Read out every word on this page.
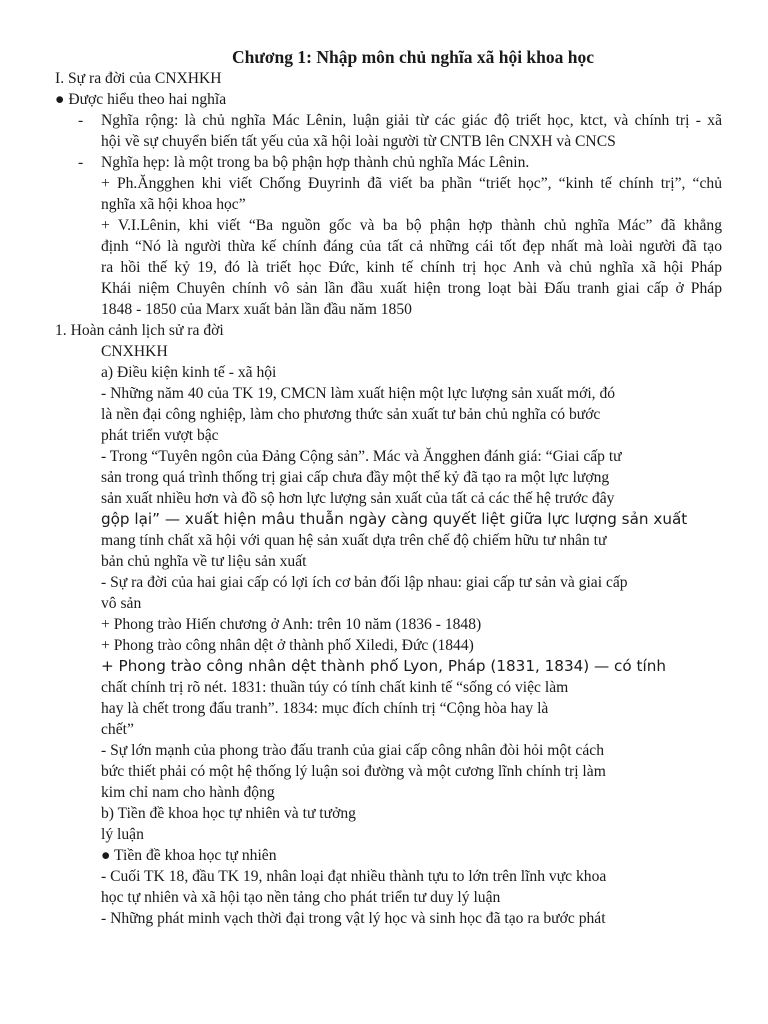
Chương 1: Nhập môn chủ nghĩa xã hội khoa học
I. Sự ra đời của CNXHKH
● Được hiểu theo hai nghĩa
- Nghĩa rộng: là chủ nghĩa Mác Lênin, luận giải từ các giác độ triết học, ktct, và chính trị - xã
hội về sự chuyển biến tất yếu của xã hội loài người từ CNTB lên CNXH và CNCS
- Nghĩa hẹp: là một trong ba bộ phận hợp thành chủ nghĩa Mác Lênin.
+ Ph.Ăngghen khi viết Chống Đuyrinh đã viết ba phần “triết học”, “kinh tế chính trị”, “chủ
nghĩa xã hội khoa học”
+ V.I.Lênin, khi viết “Ba nguồn gốc và ba bộ phận hợp thành chủ nghĩa Mác” đã khẳng
định “Nó là người thừa kế chính đáng của tất cả những cái tốt đẹp nhất mà loài người đã tạo
ra hồi thế kỷ 19, đó là triết học Đức, kinh tế chính trị học Anh và chủ nghĩa xã hội Pháp
Khái niệm Chuyên chính vô sản lần đầu xuất hiện trong loạt bài Đấu tranh giai cấp ở Pháp
1848 - 1850 của Marx xuất bản lần đầu năm 1850
1. Hoàn cảnh lịch sử ra đời
CNXHKH
a) Điều kiện kinh tế - xã hội
- Những năm 40 của TK 19, CMCN làm xuất hiện một lực lượng sản xuất mới, đó
là nền đại công nghiệp, làm cho phương thức sản xuất tư bản chủ nghĩa có bước
phát triển vượt bậc
- Trong “Tuyên ngôn của Đảng Cộng sản”. Mác và Ăngghen đánh giá: “Giai cấp tư
sản trong quá trình thống trị giai cấp chưa đầy một thế kỷ đã tạo ra một lực lượng
sản xuất nhiều hơn và đồ sộ hơn lực lượng sản xuất của tất cả các thế hệ trước đây
gộp lại” — xuất hiện mâu thuẫn ngày càng quyết liệt giữa lực lượng sản xuất
mang tính chất xã hội với quan hệ sản xuất dựa trên chế độ chiếm hữu tư nhân tư
bản chủ nghĩa về tư liệu sản xuất
- Sự ra đời của hai giai cấp có lợi ích cơ bản đối lập nhau: giai cấp tư sản và giai cấp
vô sản
+ Phong trào Hiến chương ở Anh: trên 10 năm (1836 - 1848)
+ Phong trào công nhân dệt ở thành phố Xiledi, Đức (1844)
+ Phong trào công nhân dệt thành phố Lyon, Pháp (1831, 1834) — có tính
chất chính trị rõ nét. 1831: thuần túy có tính chất kinh tế “sống có việc làm
hay là chết trong đấu tranh”. 1834: mục đích chính trị “Cộng hòa hay là
chết”
- Sự lớn mạnh của phong trào đấu tranh của giai cấp công nhân đòi hỏi một cách
bức thiết phải có một hệ thống lý luận soi đường và một cương lĩnh chính trị làm
kim chỉ nam cho hành động
b) Tiền đề khoa học tự nhiên và tư tưởng
lý luận
● Tiền đề khoa học tự nhiên
- Cuối TK 18, đầu TK 19, nhân loại đạt nhiều thành tựu to lớn trên lĩnh vực khoa
học tự nhiên và xã hội tạo nền tảng cho phát triển tư duy lý luận
- Những phát minh vạch thời đại trong vật lý học và sinh học đã tạo ra bước phát
